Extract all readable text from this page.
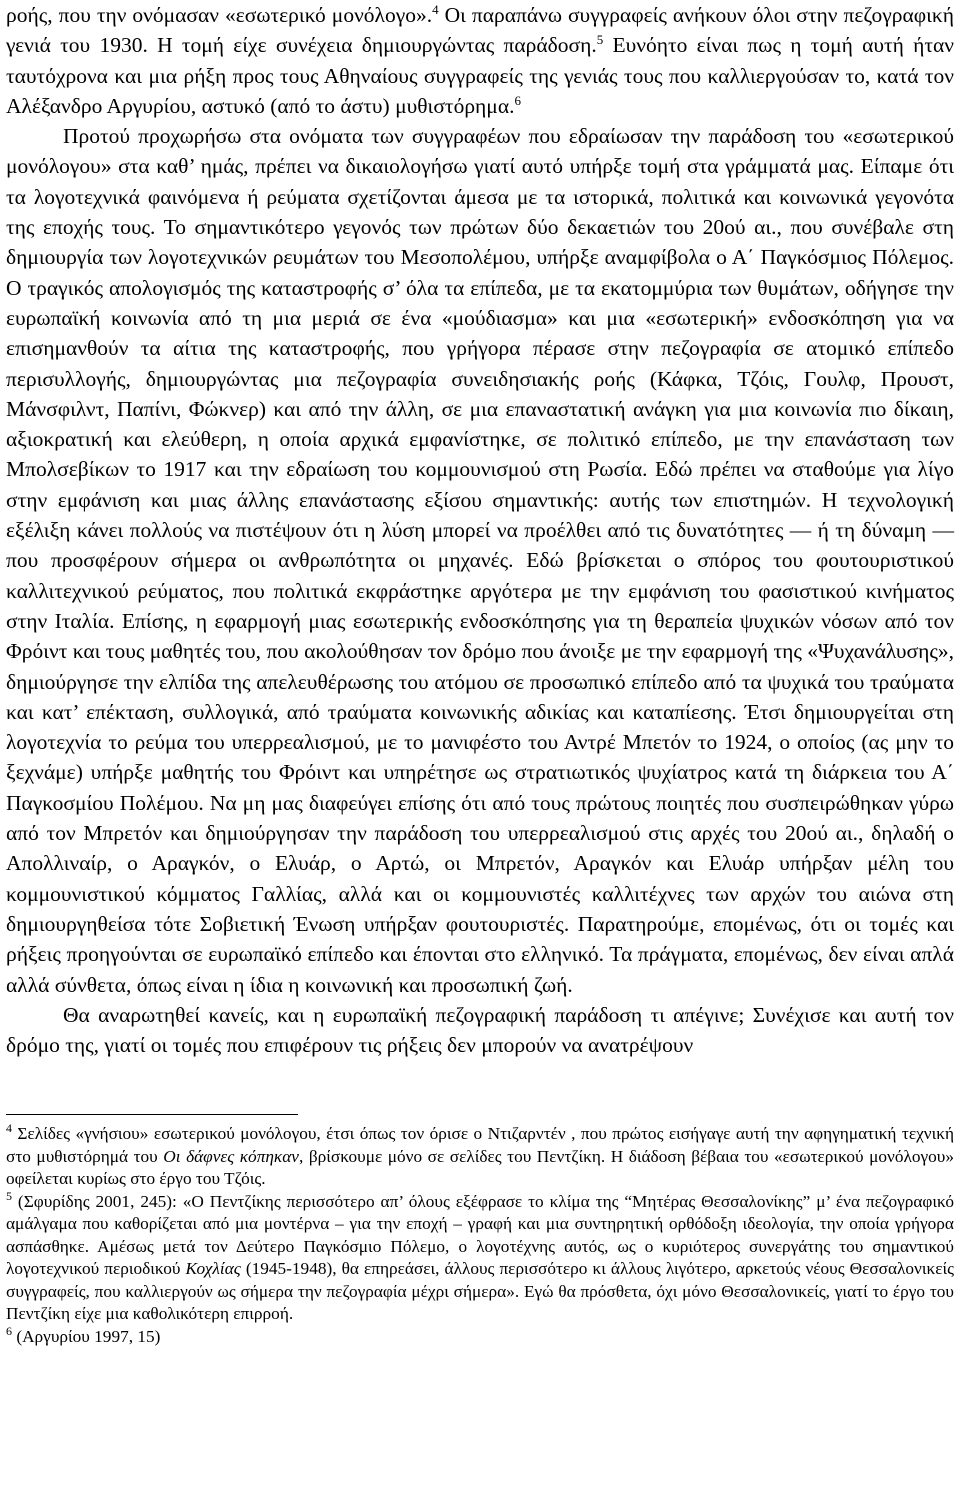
ροής, που την ονόμασαν «εσωτερικό μονόλογο».$^4$ Οι παραπάνω συγγραφείς ανήκουν όλοι στην πεζογραφική γενιά του 1930. Η τομή είχε συνέχεια δημιουργώντας παράδοση.$^5$ Ευνόητο είναι πως η τομή αυτή ήταν ταυτόχρονα και μια ρήξη προς τους Αθηναίους συγγραφείς της γενιάς τους που καλλιεργούσαν το, κατά τον Αλέξανδρο Αργυρίου, αστυκό (από το άστυ) μυθιστόρημα.$^6$

Προτού προχωρήσω στα ονόματα των συγγραφέων που εδραίωσαν την παράδοση του «εσωτερικού μονόλογου» στα καθ’ ημάς, πρέπει να δικαιολογήσω γιατί αυτό υπήρξε τομή στα γράμματά μας. Είπαμε ότι τα λογοτεχνικά φαινόμενα ή ρεύματα σχετίζονται άμεσα με τα ιστορικά, πολιτικά και κοινωνικά γεγονότα της εποχής τους. Το σημαντικότερο γεγονός των πρώτων δύο δεκαετιών του 20ού αι., που συνέβαλε στη δημιουργία των λογοτεχνικών ρευμάτων του Μεσοπολέμου, υπήρξε αναμφίβολα ο Α΄ Παγκόσμιος Πόλεμος. Ο τραγικός απολογισμός της καταστροφής σ’ όλα τα επίπεδα, με τα εκατομμύρια των θυμάτων, οδήγησε την ευρωπαϊκή κοινωνία από τη μια μεριά σε ένα «μούδιασμα» και μια «εσωτερική» ενδοσκόπηση για να επισημανθούν τα αίτια της καταστροφής, που γρήγορα πέρασε στην πεζογραφία σε ατομικό επίπεδο περισυλλογής, δημιουργώντας μια πεζογραφία συνειδησιακής ροής (Κάφκα, Τζόις, Γουλφ, Προυστ, Μάνσφιλντ, Παπίνι, Φώκνερ) και από την άλλη, σε μια επαναστατική ανάγκη για μια κοινωνία πιο δίκαιη, αξιοκρατική και ελεύθερη, η οποία αρχικά εμφανίστηκε, σε πολιτικό επίπεδο, με την επανάσταση των Μπολσεβίκων το 1917 και την εδραίωση του κομμουνισμού στη Ρωσία. Εδώ πρέπει να σταθούμε για λίγο στην εμφάνιση και μιας άλλης επανάστασης εξίσου σημαντικής: αυτής των επιστημών. Η τεχνολογική εξέλιξη κάνει πολλούς να πιστέψουν ότι η λύση μπορεί να προέλθει από τις δυνατότητες — ή τη δύναμη — που προσφέρουν σήμερα οι ανθρωπότητα οι μηχανές. Εδώ βρίσκεται ο σπόρος του φουτουριστικού καλλιτεχνικού ρεύματος, που πολιτικά εκφράστηκε αργότερα με την εμφάνιση του φασιστικού κινήματος στην Ιταλία. Επίσης, η εφαρμογή μιας εσωτερικής ενδοσκόπησης για τη θεραπεία ψυχικών νόσων από τον Φρόιντ και τους μαθητές του, που ακολούθησαν τον δρόμο που άνοιξε με την εφαρμογή της «Ψυχανάλυσης», δημιούργησε την ελπίδα της απελευθέρωσης του ατόμου σε προσωπικό επίπεδο από τα ψυχικά του τραύματα και κατ’ επέκταση, συλλογικά, από τραύματα κοινωνικής αδικίας και καταπίεσης. Έτσι δημιουργείται στη λογοτεχνία το ρεύμα του υπερρεαλισμού, με το μανιφέστο του Αντρέ Μπετόν το 1924, ο οποίος (ας μην το ξεχνάμε) υπήρξε μαθητής του Φρόιντ και υπηρέτησε ως στρατιωτικός ψυχίατρος κατά τη διάρκεια του Α΄ Παγκοσμίου Πολέμου. Να μη μας διαφεύγει επίσης ότι από τους πρώτους ποιητές που συσπειρώθηκαν γύρω από τον Μπρετόν και δημιούργησαν την παράδοση του υπερρεαλισμού στις αρχές του 20ού αι., δηλαδή ο Απολλιναίρ, ο Αραγκόν, ο Ελυάρ, ο Αρτώ, οι Μπρετόν, Αραγκόν και Ελυάρ υπήρξαν μέλη του κομμουνιστικού κόμματος Γαλλίας, αλλά και οι κομμουνιστές καλλιτέχνες των αρχών του αιώνα στη δημιουργηθείσα τότε Σοβιετική Ένωση υπήρξαν φουτουριστές. Παρατηρούμε, επομένως, ότι οι τομές και ρήξεις προηγούνται σε ευρωπαϊκό επίπεδο και έπονται στο ελληνικό. Τα πράγματα, επομένως, δεν είναι απλά αλλά σύνθετα, όπως είναι η ίδια η κοινωνική και προσωπική ζωή.

Θα αναρωτηθεί κανείς, και η ευρωπαϊκή πεζογραφική παράδοση τι απέγινε; Συνέχισε και αυτή τον δρόμο της, γιατί οι τομές που επιφέρουν τις ρήξεις δεν μπορούν να ανατρέψουν

$^4$ Σελίδες «γνήσιου» εσωτερικού μονόλογου, έτσι όπως τον όρισε ο Ντιζαρντέν , που πρώτος εισήγαγε αυτή την αφηγηματική τεχνική στο μυθιστόρημά του Οι δάφνες κόπηκαν, βρίσκουμε μόνο σε σελίδες του Πεντζίκη. Η διάδοση βέβαια του «εσωτερικού μονόλογου» οφείλεται κυρίως στο έργο του Τζόις.
$^5$ (Σφυρίδης 2001, 245): «Ο Πεντζίκης περισσότερο απ’ όλους εξέφρασε το κλίμα της “Μητέρας Θεσσαλονίκης” μ’ ένα πεζογραφικό αμάλγαμα που καθορίζεται από μια μοντέρνα – για την εποχή – γραφή και μια συντηρητική ορθόδοξη ιδεολογία, την οποία γρήγορα ασπάσθηκε. Αμέσως μετά τον Δεύτερο Παγκόσμιο Πόλεμο, ο λογοτέχνης αυτός, ως ο κυριότερος συνεργάτης του σημαντικού λογοτεχνικού περιοδικού Κοχλίας (1945-1948), θα επηρεάσει, άλλους περισσότερο κι άλλους λιγότερο, αρκετούς νέους Θεσσαλονικείς συγγραφείς, που καλλιεργούν ως σήμερα την πεζογραφία μέχρι σήμερα». Εγώ θα πρόσθετα, όχι μόνο Θεσσαλονικείς, γιατί το έργο του Πεντζίκη είχε μια καθολικότερη επιρροή.
$^6$ (Αργυρίου 1997, 15)
